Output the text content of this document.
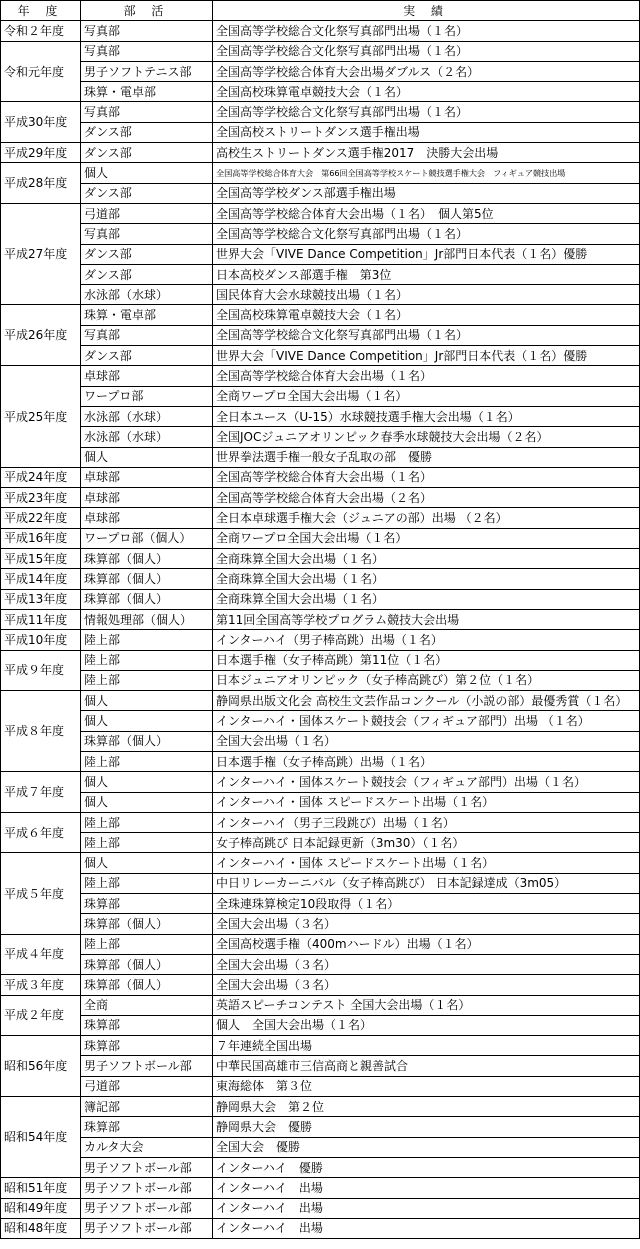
年 度	部 活	実 績
令和２年度	写真部	全国高等学校総合文化祭写真部門出場（１名）
令和元年度	写真部	全国高等学校総合文化祭写真部門出場（１名）
	男子ソフトテニス部	全国高等学校総合体育大会出場ダブルス（２名）
	珠算・電卓部	全国高校珠算電卓競技大会（１名）
平成30年度	写真部	全国高等学校総合文化祭写真部門出場（１名）
	ダンス部	全国高校ストリートダンス選手権出場
平成29年度	ダンス部	高校生ストリートダンス選手権2017　決勝大会出場
平成28年度	個人	全国高等学校総合体育大会　第66回全国高等学校スケート競技選手権大会　フィギュア競技出場
	ダンス部	全国高等学校ダンス部選手権出場
平成27年度	弓道部	全国高等学校総合体育大会出場（１名）　個人第5位
	写真部	全国高等学校総合文化祭写真部門出場（１名）
	ダンス部	世界大会「VIVE Dance Competition」Jr部門日本代表（１名）優勝
	ダンス部	日本高校ダンス部選手権　第3位
	水泳部（水球）	国民体育大会水球競技出場（１名）
平成26年度	珠算・電卓部	全国高校珠算電卓競技大会（１名）
	写真部	全国高等学校総合文化祭写真部門出場（１名）
	ダンス部	世界大会「VIVE Dance Competition」Jr部門日本代表（１名）優勝
平成25年度	卓球部	全国高等学校総合体育大会出場（１名）
	ワープロ部	全商ワープロ全国大会出場（１名）
	水泳部（水球）	全日本ユース（U-15）水球競技選手権大会出場（１名）
	水泳部（水球）	全国JOCジュニアオリンピック春季水球競技大会出場（２名）
	個人	世界拳法選手権一般女子乱取の部　優勝
平成24年度	卓球部	全国高等学校総合体育大会出場（１名）
平成23年度	卓球部	全国高等学校総合体育大会出場（２名）
平成22年度	卓球部	全日本卓球選手権大会（ジュニアの部）出場 （２名）
平成16年度	ワープロ部（個人）	全商ワープロ全国大会出場（１名）
平成15年度	珠算部（個人）	全商珠算全国大会出場（１名）
平成14年度	珠算部（個人）	全商珠算全国大会出場（１名）
平成13年度	珠算部（個人）	全商珠算全国大会出場（１名）
平成11年度	情報処理部（個人）	第11回全国高等学校プログラム競技大会出場
平成10年度	陸上部	インターハイ（男子棒高跳）出場（１名）
平成９年度	陸上部	日本選手権（女子棒高跳）第11位（１名）
	陸上部	日本ジュニアオリンピック（女子棒高跳び）第２位（１名）
平成８年度	個人	静岡県出版文化会 高校生文芸作品コンクール（小説の部）最優秀賞（１名）
	個人	インターハイ・国体スケート競技会（フィギュア部門）出場 （１名）
	珠算部（個人）	全国大会出場（１名）
	陸上部	日本選手権（女子棒高跳）出場（１名）
平成７年度	個人	インターハイ・国体スケート競技会（フィギュア部門）出場（１名）
	個人	インターハイ・国体 スピードスケート出場（１名）
平成６年度	陸上部	インターハイ（男子三段跳び）出場（１名）
	陸上部	女子棒高跳び 日本記録更新（3m30）（１名）
平成５年度	個人	インターハイ・国体 スピードスケート出場（１名）
	陸上部	中日リレーカーニバル（女子棒高跳び） 日本記録達成（3m05）
	珠算部	全珠連珠算検定10段取得（１名）
	珠算部（個人）	全国大会出場（３名）
平成４年度	陸上部	全国高校選手権（400mハードル）出場（１名）
	珠算部（個人）	全国大会出場（３名）
平成３年度	珠算部（個人）	全国大会出場（３名）
平成２年度	全商	英語スピーチコンテスト 全国大会出場（１名）
	珠算部	個人　全国大会出場（１名）
昭和56年度	珠算部	７年連続全国出場
	男子ソフトボール部	中華民国高雄市三信高商と親善試合
	弓道部	東海総体　第３位
昭和54年度	簿記部	静岡県大会　第２位
	珠算部	静岡県大会　優勝
	カルタ大会	全国大会　優勝
	男子ソフトボール部	インターハイ　優勝
昭和51年度	男子ソフトボール部	インターハイ　出場
昭和49年度	男子ソフトボール部	インターハイ　出場
昭和48年度	男子ソフトボール部	インターハイ　出場
